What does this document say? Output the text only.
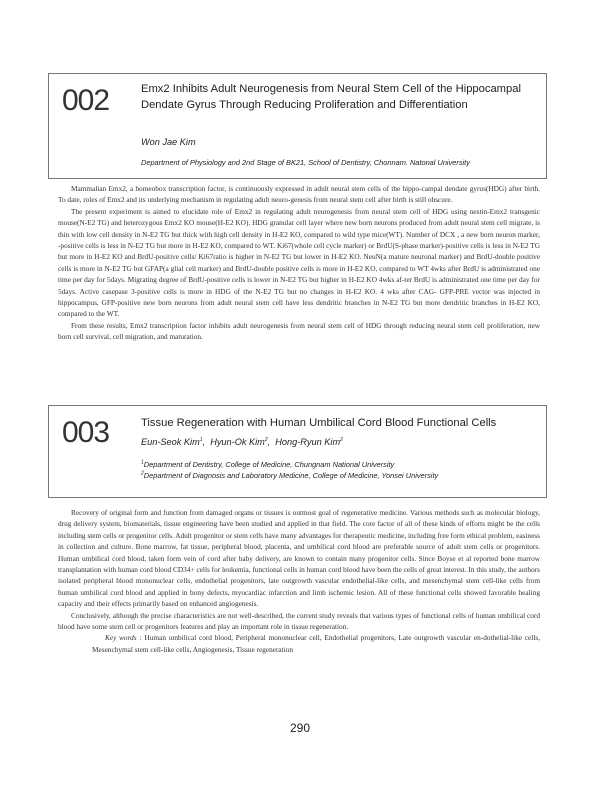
002	Emx2 Inhibits Adult Neurogenesis from Neural Stem Cell of the Hippocampal Dendate Gyrus Through Reducing Proliferation and Differentiation
Won Jae Kim
Department of Physiology and 2nd Stage of BK21, School of Dentistry, Chonnam. Natonal University

Mammalian Emx2, a homeobox transcription factor, is continuously expressed in adult neural stem cells of the hippo-campal dendate gyrus(HDG) after birth. To date, roles of Emx2 and its underlying mechanism in regulating adult neuro-genesis from neural stem cell after birth is still obscure.

The present experiment is aimed to elucidate role of Emx2 in regulating adult neurogenesis from neural stem cell of HDG using nestin-Emx2 transgenic mouse(N-E2 TG) and heterozygous Emx2 KO mouse(H-E2 KO). HDG granular cell layer where new born neurons produced from adult neural stem cell migrate, is thin with low cell density in N-E2 TG but thick with high cell density in H-E2 KO, compared to wild type mice(WT). Number of DCX , a new born neuron marker, -positive cells is less in N-E2 TG but more in H-E2 KO, compared to WT. Ki67(whole cell cycle marker) or BrdU(S-phase marker)-positive cells is less in N-E2 TG but more in H-E2 KO and BrdU-positive cells/ Ki67ratio is higher in N-E2 TG but lower in H-E2 KO. NeuN(a mature neuronal marker) and BrdU-double positive cells is more in N-E2 TG but GFAP(a glial cell marker) and BrdU-double positive cells is more in H-E2 KO, compared to WT 4wks after BrdU is administrated one time per day for 5days. Migrating degree of BrdU-positive cells is lower in N-E2 TG but higher in H-E2 KO 4wks af-ter BrdU is administrated one time per day for 5days. Active casepase 3-positive cells is more in HDG of the N-E2 TG but no changes in H-E2 KO. 4 wks after CAG- GFP-PRE vector was injected in hippocampus, GFP-positive new born neurons from adult neural stem cell have less dendritic branches in N-E2 TG but more dendritic branches in H-E2 KO, compared to the WT.

From these results, Emx2 transcription factor inhibits adult neurogenesis from neural stem cell of HDG through reducing neural stem cell proliferation, new born cell survival, cell migration, and maturation.

003	Tissue Regeneration with Human Umbilical Cord Blood Functional Cells
Eun-Seok Kim$^1$,  Hyun-Ok Kim$^2$,  Hong-Ryun Kim$^2$
$^1$Department of Dentistry, College of Medicine, Chungnam National University
$^2$Department of Diagnosis and Laboratory Medicine, College of Medicine, Yonsei University

Recovery of original form and function from damaged organs or tissues is outmost goal of regenerative medicine. Various methods such as molecular biology, drug delivery system, biomaterials, tissue engineering have been studied and applied in that field. The core factor of all of these kinds of efforts might be the cells including stem cells or progenitor cells. Adult progenitor or stem cells have many advantages for therapeutic medicine, including free form ethical problem, easiness in collection and culture. Bone marrow, fat tissue, peripheral blood, placenta, and umbilical cord blood are preferable source of adult stem cells or progenitors. Human umbilical cord blood, taken form vein of cord after baby delivery, are known to contain many progenitor cells. Since Boyse et al reported bone marrow transplantation with human cord blood CD34+ cells for leukemia, functional cells in human cord blood have been the cells of great interest. In this study, the authors isolated peripheral blood mononuclear cells, endothelial progenitors, late outgrowth vascular endothelial-like cells, and mesenchymal stem cell-like cells from human umbilical cord blood and applied in bony defects, myocardiac infarction and limb ischemic lesion. All of these functional cells showed favorable healing capacity and their effects primarily based on enhanced angiogenesis.

Conclusively, although the precise characteristics are not well-described, the current study reveals that various types of functional cells of human umbilical cord blood have some stem cell or progenitors features and play an important role in tissue regeneration.

Key words : Human umbilical cord blood, Peripheral mononuclear cell, Endothelial progenitors, Late outgrowth vascular en-dothelial-like cells, Mesenchymal stem cell-like cells, Angiogenesis, Tissue regeneration

290
